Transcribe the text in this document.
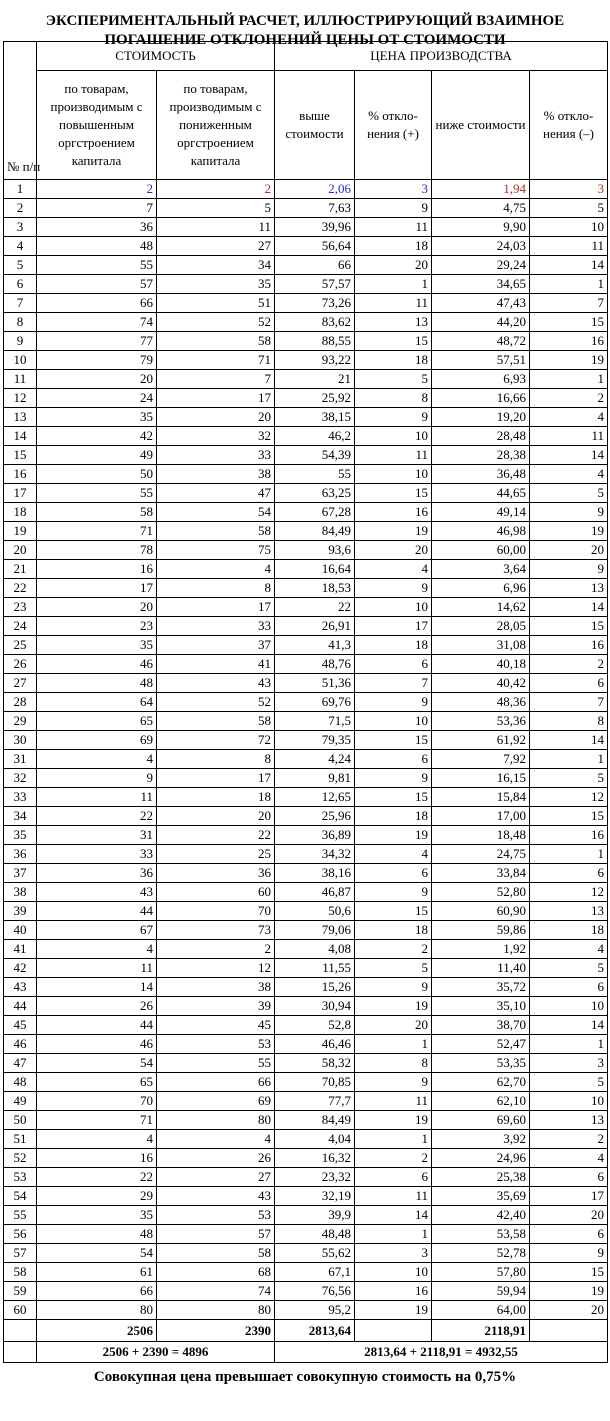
ЭКСПЕРИМЕНТАЛЬНЫЙ РАСЧЕТ, ИЛЛЮСТРИРУЮЩИЙ ВЗАИМНОЕ
ПОГАШЕНИЕ ОТКЛОНЕНИЙ ЦЕНЫ ОТ СТОИМОСТИ
№ п/п	СТОИМОСТЬ		ЦЕНА ПРОИЗВОДСТВА			
	по товарам, производимым с повышенным оргстроением капитала	по товарам, производимым с пониженным оргстроением капитала	выше стоимости	% откло-нения (+)	ниже стоимости	% откло-нения (–)
1	2	2	2,06	3	1,94	3
2	7	5	7,63	9	4,75	5
3	36	11	39,96	11	9,90	10
4	48	27	56,64	18	24,03	11
5	55	34	66	20	29,24	14
6	57	35	57,57	1	34,65	1
7	66	51	73,26	11	47,43	7
8	74	52	83,62	13	44,20	15
9	77	58	88,55	15	48,72	16
10	79	71	93,22	18	57,51	19
11	20	7	21	5	6,93	1
12	24	17	25,92	8	16,66	2
13	35	20	38,15	9	19,20	4
14	42	32	46,2	10	28,48	11
15	49	33	54,39	11	28,38	14
16	50	38	55	10	36,48	4
17	55	47	63,25	15	44,65	5
18	58	54	67,28	16	49,14	9
19	71	58	84,49	19	46,98	19
20	78	75	93,6	20	60,00	20
21	16	4	16,64	4	3,64	9
22	17	8	18,53	9	6,96	13
23	20	17	22	10	14,62	14
24	23	33	26,91	17	28,05	15
25	35	37	41,3	18	31,08	16
26	46	41	48,76	6	40,18	2
27	48	43	51,36	7	40,42	6
28	64	52	69,76	9	48,36	7
29	65	58	71,5	10	53,36	8
30	69	72	79,35	15	61,92	14
31	4	8	4,24	6	7,92	1
32	9	17	9,81	9	16,15	5
33	11	18	12,65	15	15,84	12
34	22	20	25,96	18	17,00	15
35	31	22	36,89	19	18,48	16
36	33	25	34,32	4	24,75	1
37	36	36	38,16	6	33,84	6
38	43	60	46,87	9	52,80	12
39	44	70	50,6	15	60,90	13
40	67	73	79,06	18	59,86	18
41	4	2	4,08	2	1,92	4
42	11	12	11,55	5	11,40	5
43	14	38	15,26	9	35,72	6
44	26	39	30,94	19	35,10	10
45	44	45	52,8	20	38,70	14
46	46	53	46,46	1	52,47	1
47	54	55	58,32	8	53,35	3
48	65	66	70,85	9	62,70	5
49	70	69	77,7	11	62,10	10
50	71	80	84,49	19	69,60	13
51	4	4	4,04	1	3,92	2
52	16	26	16,32	2	24,96	4
53	22	27	23,32	6	25,38	6
54	29	43	32,19	11	35,69	17
55	35	53	39,9	14	42,40	20
56	48	57	48,48	1	53,58	6
57	54	58	55,62	3	52,78	9
58	61	68	67,1	10	57,80	15
59	66	74	76,56	16	59,94	19
60	80	80	95,2	19	64,00	20
	2506	2390	2813,64		2118,91	
	2506 + 2390 = 4896		2813,64 + 2118,91 = 4932,55			
Совокупная цена превышает совокупную стоимость на 0,75%
